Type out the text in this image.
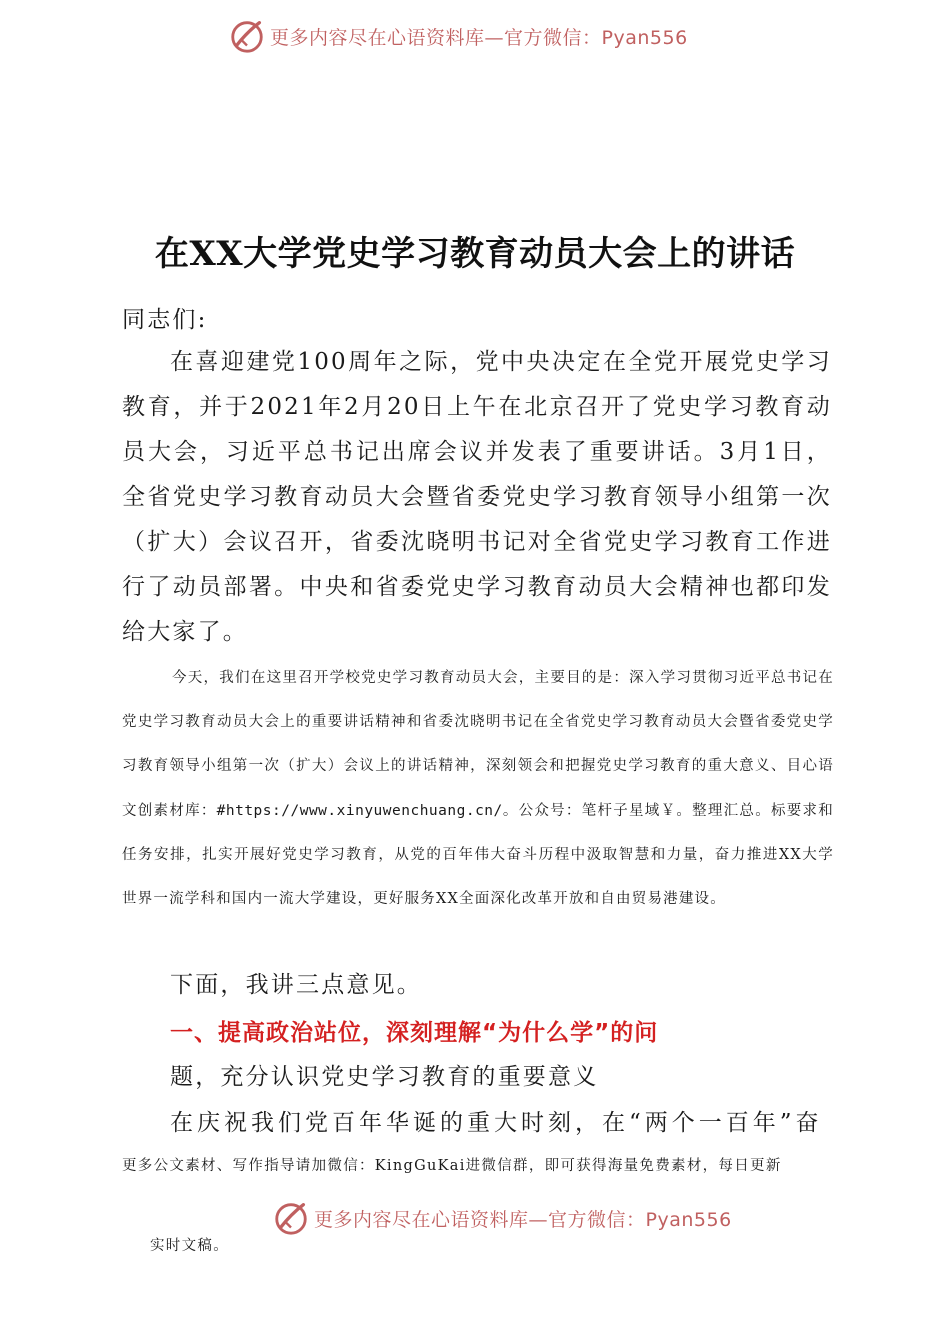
更多内容尽在心语资料库—官方微信：Pyan556
在XX大学党史学习教育动员大会上的讲话
同志们:
在喜迎建党100周年之际，党中央决定在全党开展党史学习教育，并于2021年2月20日上午在北京召开了党史学习教育动员大会，习近平总书记出席会议并发表了重要讲话。3月1日，全省党史学习教育动员大会暨省委党史学习教育领导小组第一次（扩大）会议召开，省委沈晓明书记对全省党史学习教育工作进行了动员部署。中央和省委党史学习教育动员大会精神也都印发给大家了。
今天，我们在这里召开学校党史学习教育动员大会，主要目的是：深入学习贯彻习近平总书记在党史学习教育动员大会上的重要讲话精神和省委沈晓明书记在全省党史学习教育动员大会暨省委党史学习教育领导小组第一次（扩大）会议上的讲话精神，深刻领会和把握党史学习教育的重大意义、目心语文创素材库：#https://www.xinyuwenchuang.cn/。公众号：笔杆子星域￥。整理汇总。标要求和任务安排，扎实开展好党史学习教育，从党的百年伟大奋斗历程中汲取智慧和力量，奋力推进XX大学世界一流学科和国内一流大学建设，更好服务XX全面深化改革开放和自由贸易港建设。
下面，我讲三点意见。
一、提高政治站位，深刻理解“为什么学”的问
题，充分认识党史学习教育的重要意义
在庆祝我们党百年华诞的重大时刻，在“两个一百年”奋
更多公文素材、写作指导请加微信：KingGuKai进微信群，即可获得海量免费素材，每日更新
更多内容尽在心语资料库—官方微信：Pyan556
实时文稿。
